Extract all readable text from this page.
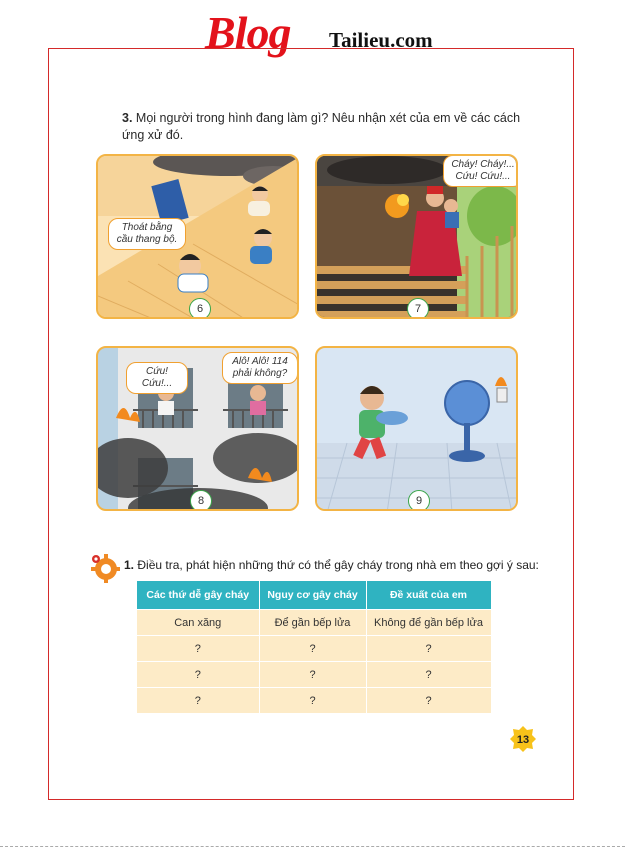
Blog Tailieu.com
3. Mọi người trong hình đang làm gì? Nêu nhận xét của em về các cách ứng xử đó.
Thoát bằng cầu thang bộ.
6
Cháy! Cháy!... Cứu! Cứu!...
7
Cứu! Cứu!...
Alô! Alô! 114 phải không?
8	9
1. Điều tra, phát hiện những thứ có thể gây cháy trong nhà em theo gợi ý sau:
Các thứ dễ gây cháy	Nguy cơ gây cháy	Đề xuất của em
Can xăng	Để gần bếp lửa	Không để gần bếp lửa
?	?	?
?	?	?
?	?	?
13
